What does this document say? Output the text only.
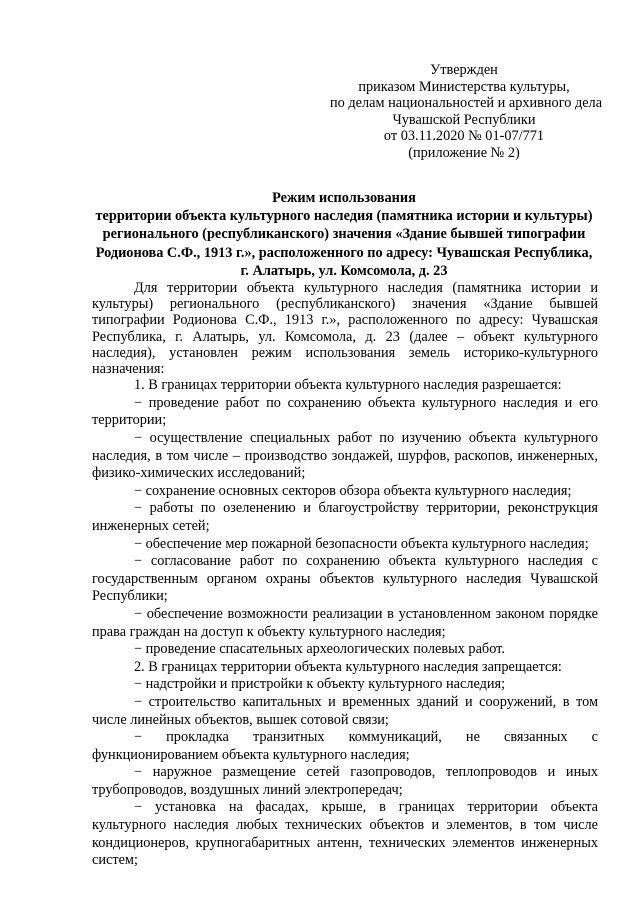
Утвержден
приказом Министерства культуры,
по делам национальностей и архивного дела
Чувашской Республики
от 03.11.2020 № 01-07/771
(приложение № 2)
Режим использования
территории объекта культурного наследия (памятника истории и культуры)
регионального (республиканского) значения «Здание бывшей типографии
Родионова С.Ф., 1913 г.», расположенного по адресу: Чувашская Республика,
г. Алатырь, ул. Комсомола, д. 23

Для территории объекта культурного наследия (памятника истории и культуры) регионального (республиканского) значения «Здание бывшей типографии Родионова С.Ф., 1913 г.», расположенного по адресу: Чувашская Республика, г. Алатырь, ул. Комсомола, д. 23 (далее – объект культурного наследия), установлен режим использования земель историко-культурного назначения:

1. В границах территории объекта культурного наследия разрешается:

− проведение работ по сохранению объекта культурного наследия и его территории;

− осуществление специальных работ по изучению объекта культурного наследия, в том числе – производство зондажей, шурфов, раскопов, инженерных, физико-химических исследований;

− сохранение основных секторов обзора объекта культурного наследия;

− работы по озеленению и благоустройству территории, реконструкция инженерных сетей;

− обеспечение мер пожарной безопасности объекта культурного наследия;

− согласование работ по сохранению объекта культурного наследия с государственным органом охраны объектов культурного наследия Чувашской Республики;

− обеспечение возможности реализации в установленном законом порядке права граждан на доступ к объекту культурного наследия;

− проведение спасательных археологических полевых работ.

2. В границах территории объекта культурного наследия запрещается:

− надстройки и пристройки к объекту культурного наследия;

− строительство капитальных и временных зданий и сооружений, в том числе линейных объектов, вышек сотовой связи;

− прокладка транзитных коммуникаций, не связанных с функционированием объекта культурного наследия;

− наружное размещение сетей газопроводов, теплопроводов и иных трубопроводов, воздушных линий электропередач;

− установка на фасадах, крыше, в границах территории объекта культурного наследия любых технических объектов и элементов, в том числе кондиционеров, крупногабаритных антенн, технических элементов инженерных систем;
